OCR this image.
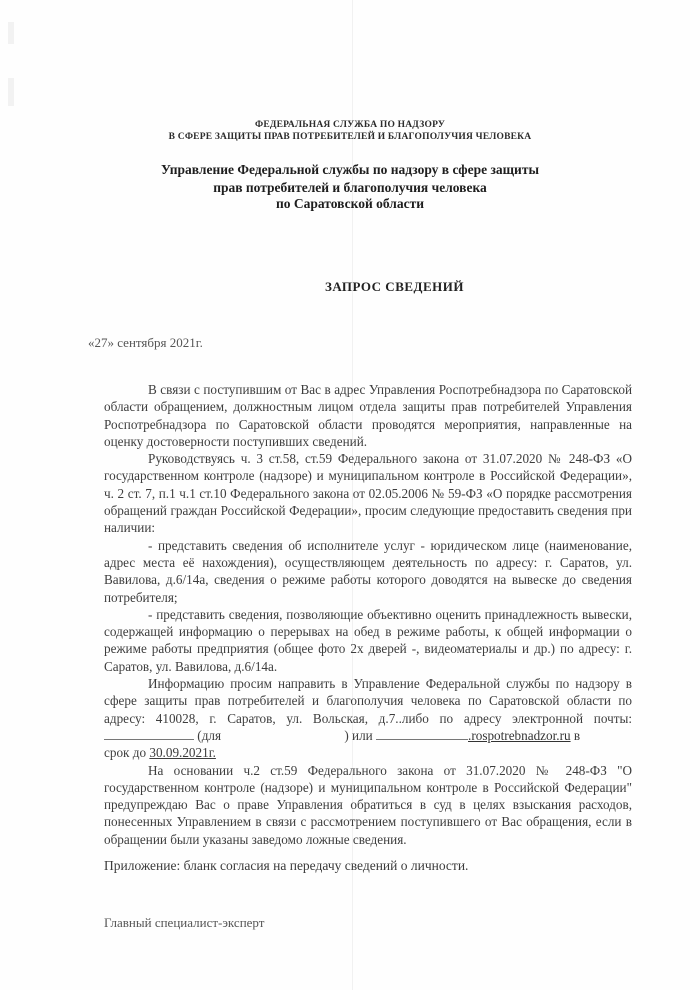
ФЕДЕРАЛЬНАЯ СЛУЖБА ПО НАДЗОРУ
В СФЕРЕ ЗАЩИТЫ ПРАВ ПОТРЕБИТЕЛЕЙ И БЛАГОПОЛУЧИЯ ЧЕЛОВЕКА
Управление Федеральной службы по надзору в сфере защиты
прав потребителей и благополучия человека
по Саратовской области
ЗАПРОС СВЕДЕНИЙ
«27» сентября 2021г.

В связи с поступившим от Вас в адрес Управления Роспотребнадзора по Саратовской области обращением, должностным лицом отдела защиты прав потребителей Управления Роспотребнадзора по Саратовской области проводятся мероприятия, направленные на оценку достоверности поступивших сведений.

Руководствуясь ч. 3 ст.58, ст.59 Федерального закона от 31.07.2020 № 248-ФЗ «О государственном контроле (надзоре) и муниципальном контроле в Российской Федерации», ч. 2 ст. 7, п.1 ч.1 ст.10 Федерального закона от 02.05.2006 № 59-ФЗ «О порядке рассмотрения обращений граждан Российской Федерации», просим следующие предоставить сведения при наличии:

- представить сведения об исполнителе услуг - юридическом лице (наименование, адрес места её нахождения), осуществляющем деятельность по адресу: г. Саратов, ул. Вавилова, д.6/14а, сведения о режиме работы которого доводятся на вывеске до сведения потребителя;

- представить сведения, позволяющие объективно оценить принадлежность вывески, содержащей информацию о перерывах на обед в режиме работы, к общей информации о режиме работы предприятия (общее фото 2х дверей -, видеоматериалы и др.) по адресу: г. Саратов, ул. Вавилова, д.6/14а.

Информацию просим направить в Управление Федеральной службы по надзору в сфере защиты прав потребителей и благополучия человека по Саратовской области по адресу: 410028, г. Саратов, ул. Вольская, д.7..либо по адресу электронной почты:  (для	) или	.rospotrebnadzor.ru в

срок до 30.09.2021г.

На основании ч.2 ст.59 Федерального закона от 31.07.2020 № 248-ФЗ "О государственном контроле (надзоре) и муниципальном контроле в Российской Федерации" предупреждаю Вас о праве Управления обратиться в суд в целях взыскания расходов, понесенных Управлением в связи с рассмотрением поступившего от Вас обращения, если в обращении были указаны заведомо ложные сведения.

Приложение: бланк согласия на передачу сведений о личности.
Главный специалист-эксперт
